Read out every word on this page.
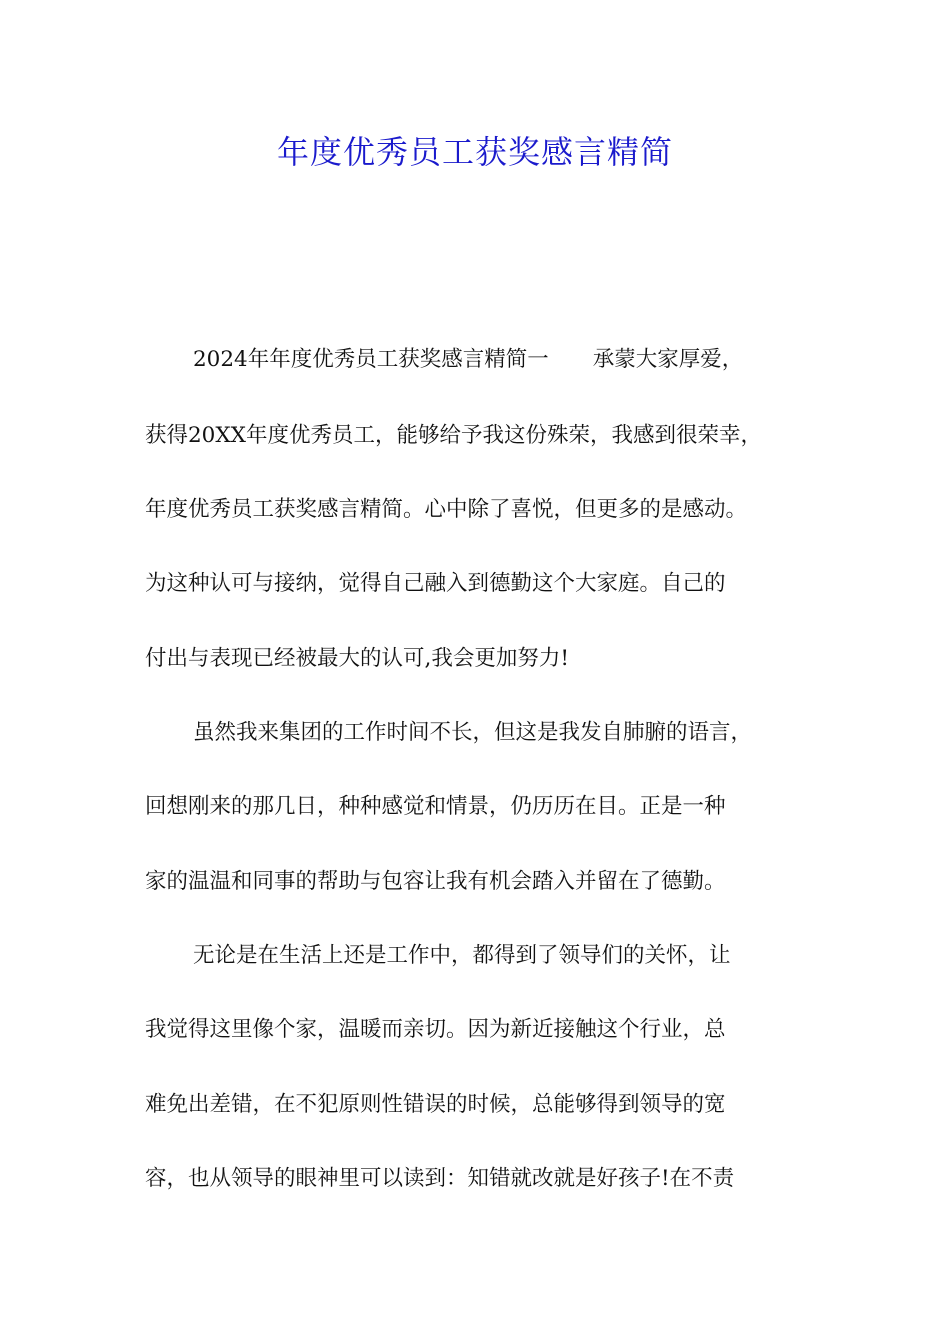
年度优秀员工获奖感言精简

2024年年度优秀员工获奖感言精简一 承蒙大家厚爱，

获得20XX年度优秀员工，能够给予我这份殊荣，我感到很荣幸，

年度优秀员工获奖感言精简。心中除了喜悦，但更多的是感动。

为这种认可与接纳，觉得自己融入到德勤这个大家庭。自己的

付出与表现已经被最大的认可,我会更加努力!

虽然我来集团的工作时间不长，但这是我发自肺腑的语言，

回想刚来的那几日，种种感觉和情景，仍历历在目。正是一种

家的温温和同事的帮助与包容让我有机会踏入并留在了德勤。

无论是在生活上还是工作中，都得到了领导们的关怀，让

我觉得这里像个家，温暖而亲切。因为新近接触这个行业，总

难免出差错，在不犯原则性错误的时候，总能够得到领导的宽

容，也从领导的眼神里可以读到：知错就改就是好孩子!在不责
